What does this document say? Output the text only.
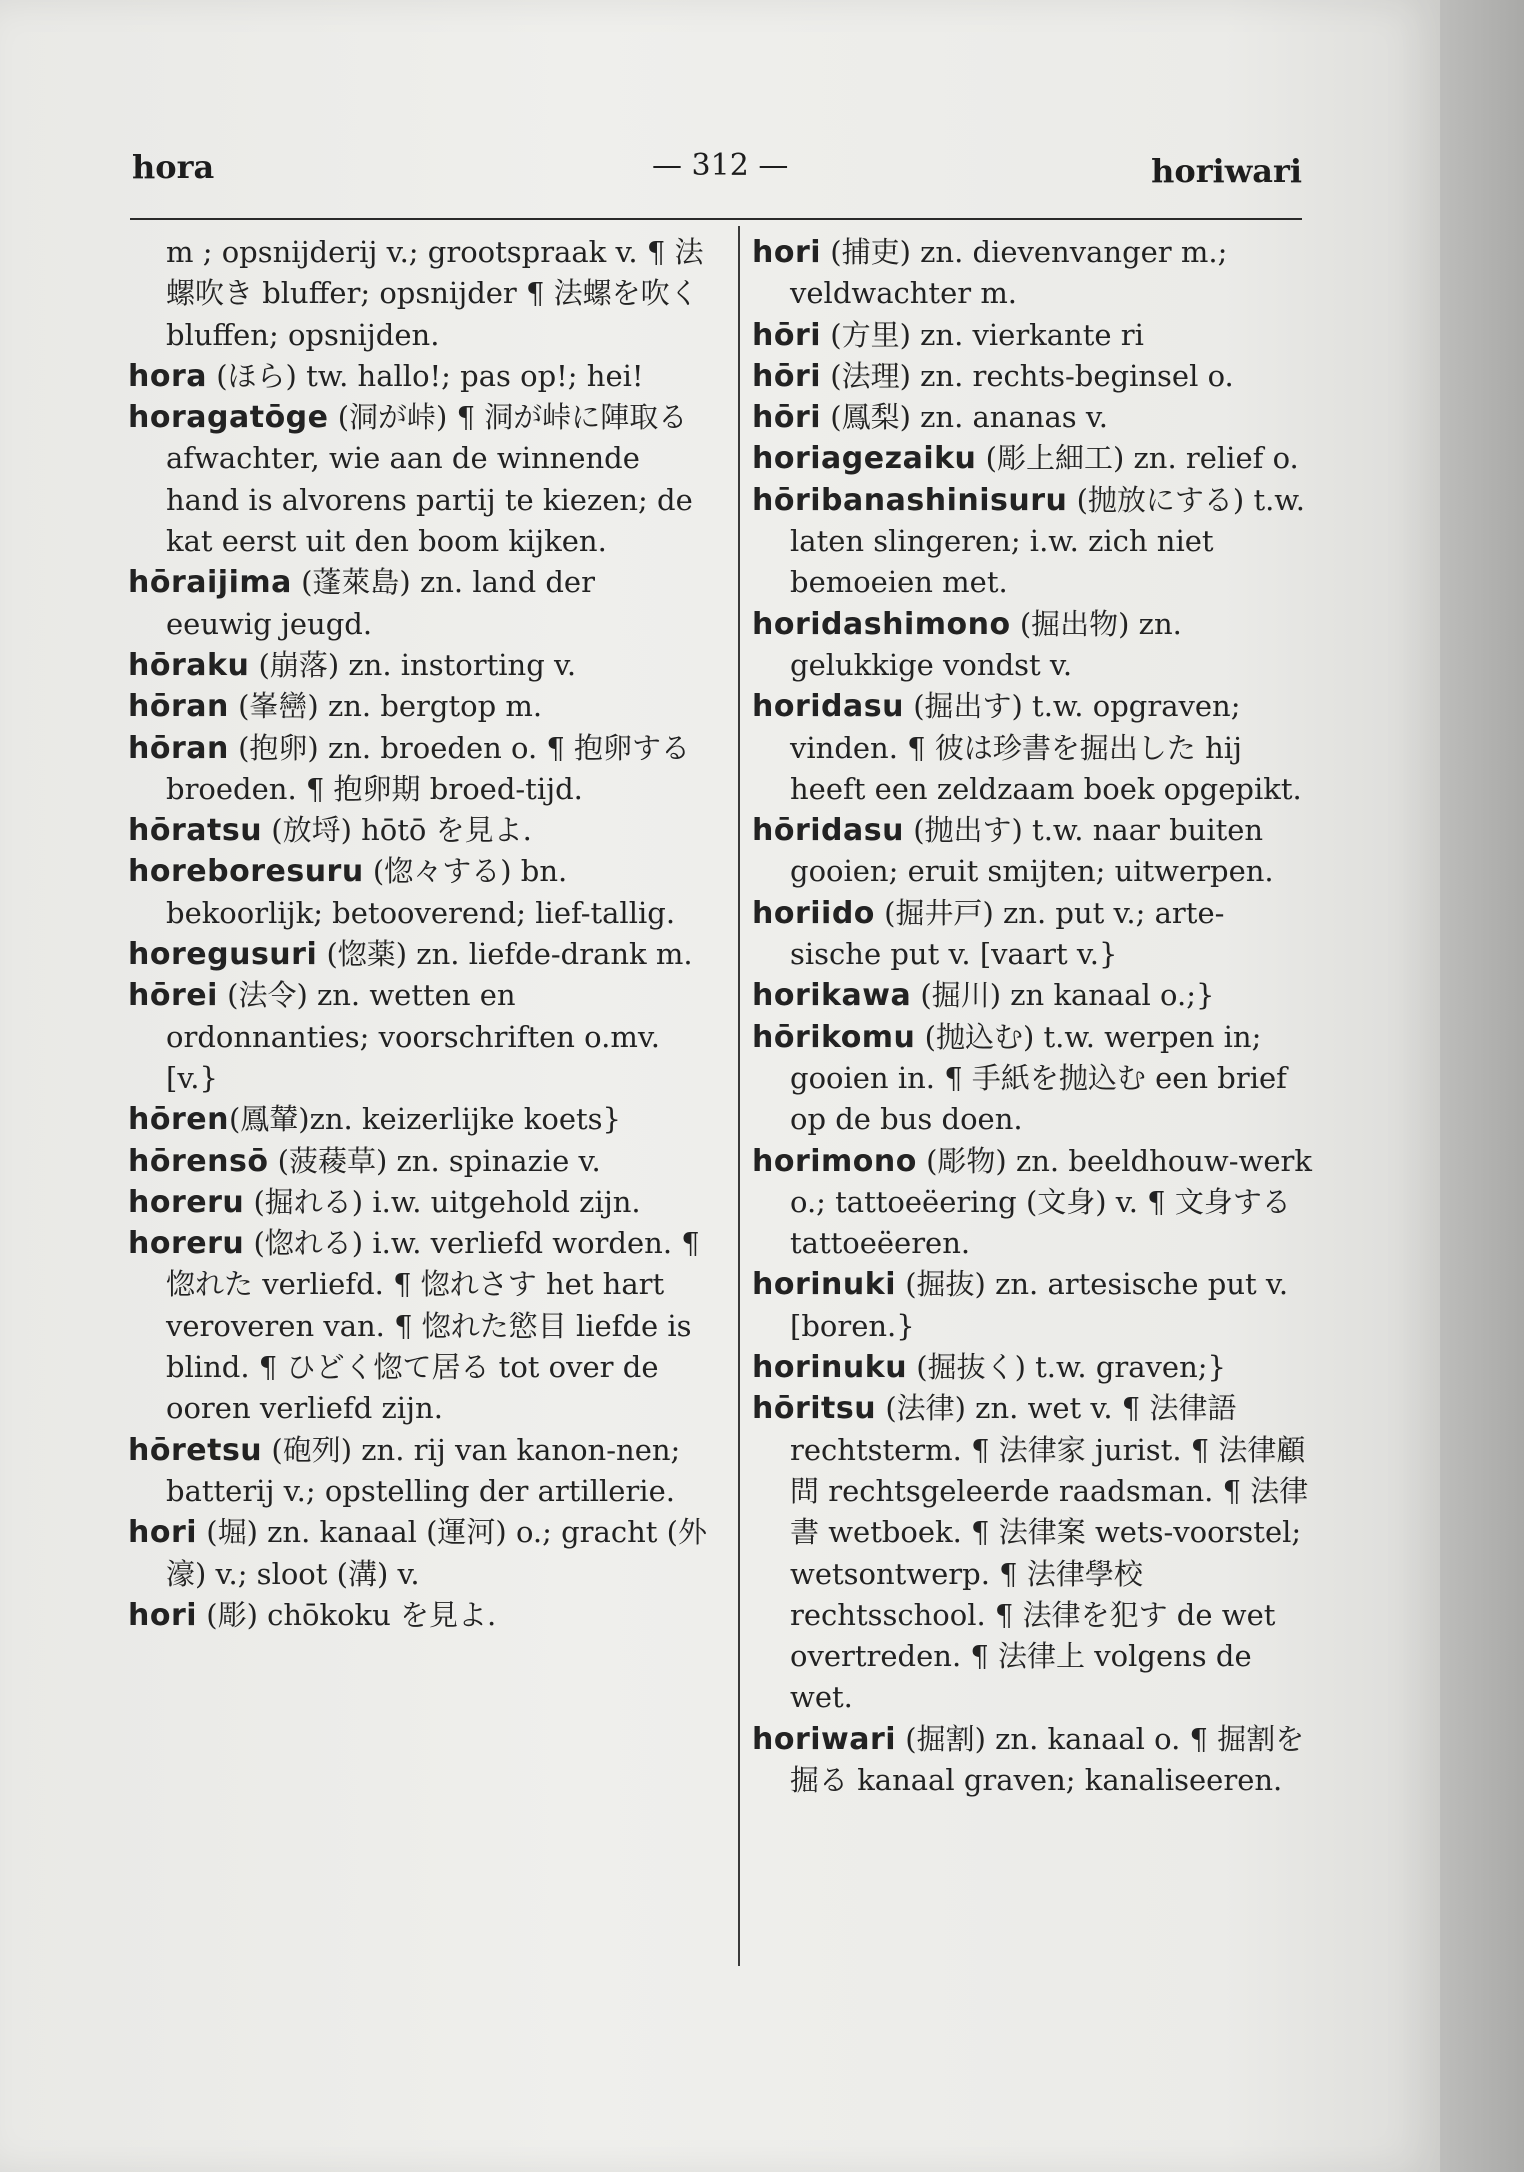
hora	— 312 —	horiwari

m ; opsnijderij v.; grootspraak v. ¶ 法螺吹き bluffer; opsnijder ¶ 法螺を吹く bluffen; opsnijden.

hora (ほら) tw. hallo!; pas op!; hei!

horagatōge (洞が峠) ¶ 洞が峠に陣取る afwachter, wie aan de winnende hand is alvorens partij te kiezen; de kat eerst uit den boom kijken.

hōraijima (蓬萊島) zn. land der eeuwig jeugd.

hōraku (崩落) zn. instorting v.

hōran (峯巒) zn. bergtop m.

hōran (抱卵) zn. broeden o. ¶ 抱卵する broeden. ¶ 抱卵期 broed-tijd.

hōratsu (放埒) hōtō を見よ.

horeboresuru (惚々する) bn. bekoorlijk; betooverend; lief-tallig.

horegusuri (惚薬) zn. liefde-drank m.

hōrei (法令) zn. wetten en ordonnanties; voorschriften o.mv. [v.}

hōren(鳳輦)zn. keizerlijke koets}

hōrensō (菠薐草) zn. spinazie v.

horeru (掘れる) i.w. uitgehold zijn.

horeru (惚れる) i.w. verliefd worden. ¶ 惚れた verliefd. ¶ 惚れさす het hart veroveren van. ¶ 惚れた慾目 liefde is blind. ¶ ひどく惚て居る tot over de ooren verliefd zijn.

hōretsu (砲列) zn. rij van kanon-nen; batterij v.; opstelling der artillerie.

hori (堀) zn. kanaal (運河) o.; gracht (外濠) v.; sloot (溝) v.

hori (彫) chōkoku を見よ.

hori (捕吏) zn. dievenvanger m.; veldwachter m.

hōri (方里) zn. vierkante ri

hōri (法理) zn. rechts-beginsel o.

hōri (鳳梨) zn. ananas v.

horiagezaiku (彫上細工) zn. relief o.

hōribanashinisuru (抛放にする) t.w. laten slingeren; i.w. zich niet bemoeien met.

horidashimono (掘出物) zn. gelukkige vondst v.

horidasu (掘出す) t.w. opgraven; vinden. ¶ 彼は珍書を掘出した hij heeft een zeldzaam boek opgepikt.

hōridasu (抛出す) t.w. naar buiten gooien; eruit smijten; uitwerpen.

horiido (掘井戸) zn. put v.; arte-sische put v. [vaart v.}

horikawa (掘川) zn kanaal o.;}

hōrikomu (抛込む) t.w. werpen in; gooien in. ¶ 手紙を抛込む een brief op de bus doen.

horimono (彫物) zn. beeldhouw-werk o.; tattoeëering (文身) v. ¶ 文身する tattoeëeren.

horinuki (掘抜) zn. artesische put v. [boren.}

horinuku (掘抜く) t.w. graven;}

hōritsu (法律) zn. wet v. ¶ 法律語 rechtsterm. ¶ 法律家 jurist. ¶ 法律顧問 rechtsgeleerde raadsman. ¶ 法律書 wetboek. ¶ 法律案 wets-voorstel; wetsontwerp. ¶ 法律學校 rechtsschool. ¶ 法律を犯す de wet overtreden. ¶ 法律上 volgens de wet.

horiwari (掘割) zn. kanaal o. ¶ 掘割を掘る kanaal graven; kanaliseeren.
